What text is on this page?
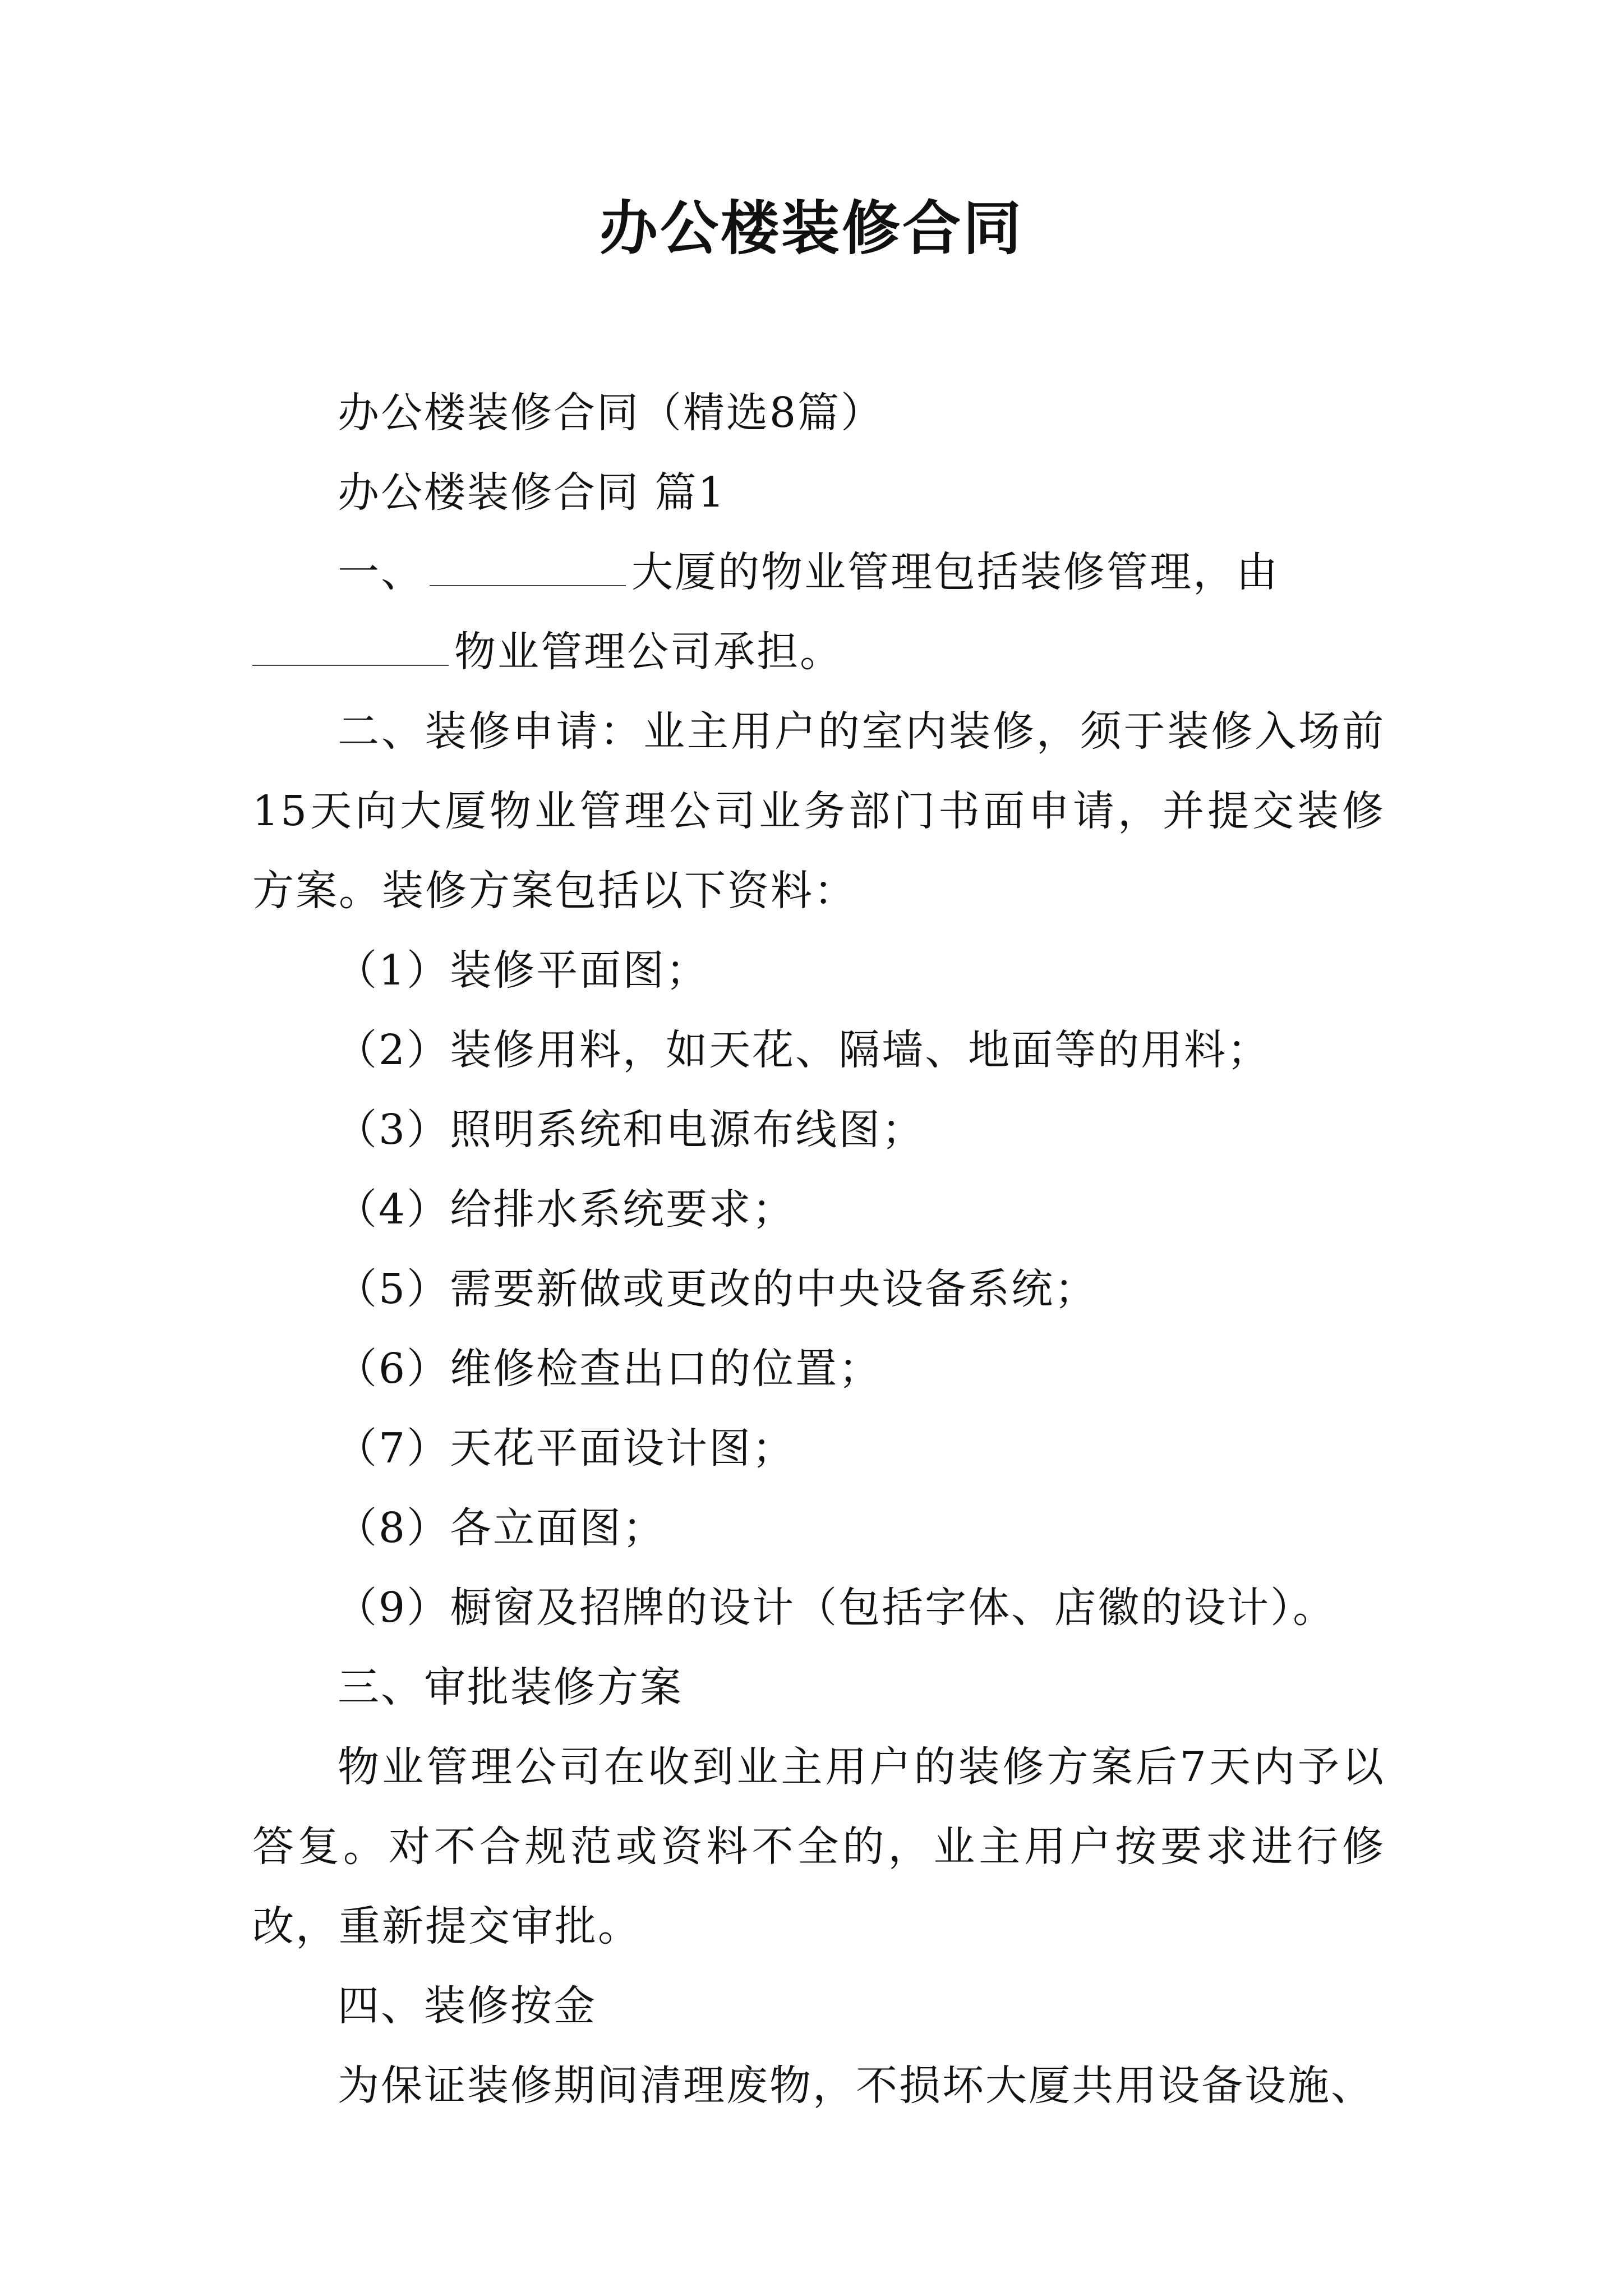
办公楼装修合同

办公楼装修合同（精选8篇）

办公楼装修合同 篇1

一、	大厦的物业管理包括装修管理，由

物业管理公司承担。

二、装修申请：业主用户的室内装修，须于装修入场前15天向大厦物业管理公司业务部门书面申请，并提交装修方案。装修方案包括以下资料：

（1）装修平面图；

（2）装修用料，如天花、隔墙、地面等的用料；

（3）照明系统和电源布线图；

（4）给排水系统要求；

（5）需要新做或更改的中央设备系统；

（6）维修检查出口的位置；

（7）天花平面设计图；

（8）各立面图；

（9）橱窗及招牌的设计（包括字体、店徽的设计）。

三、审批装修方案

物业管理公司在收到业主用户的装修方案后7天内予以答复。对不合规范或资料不全的，业主用户按要求进行修改，重新提交审批。

四、装修按金

为保证装修期间清理废物，不损坏大厦共用设备设施、
